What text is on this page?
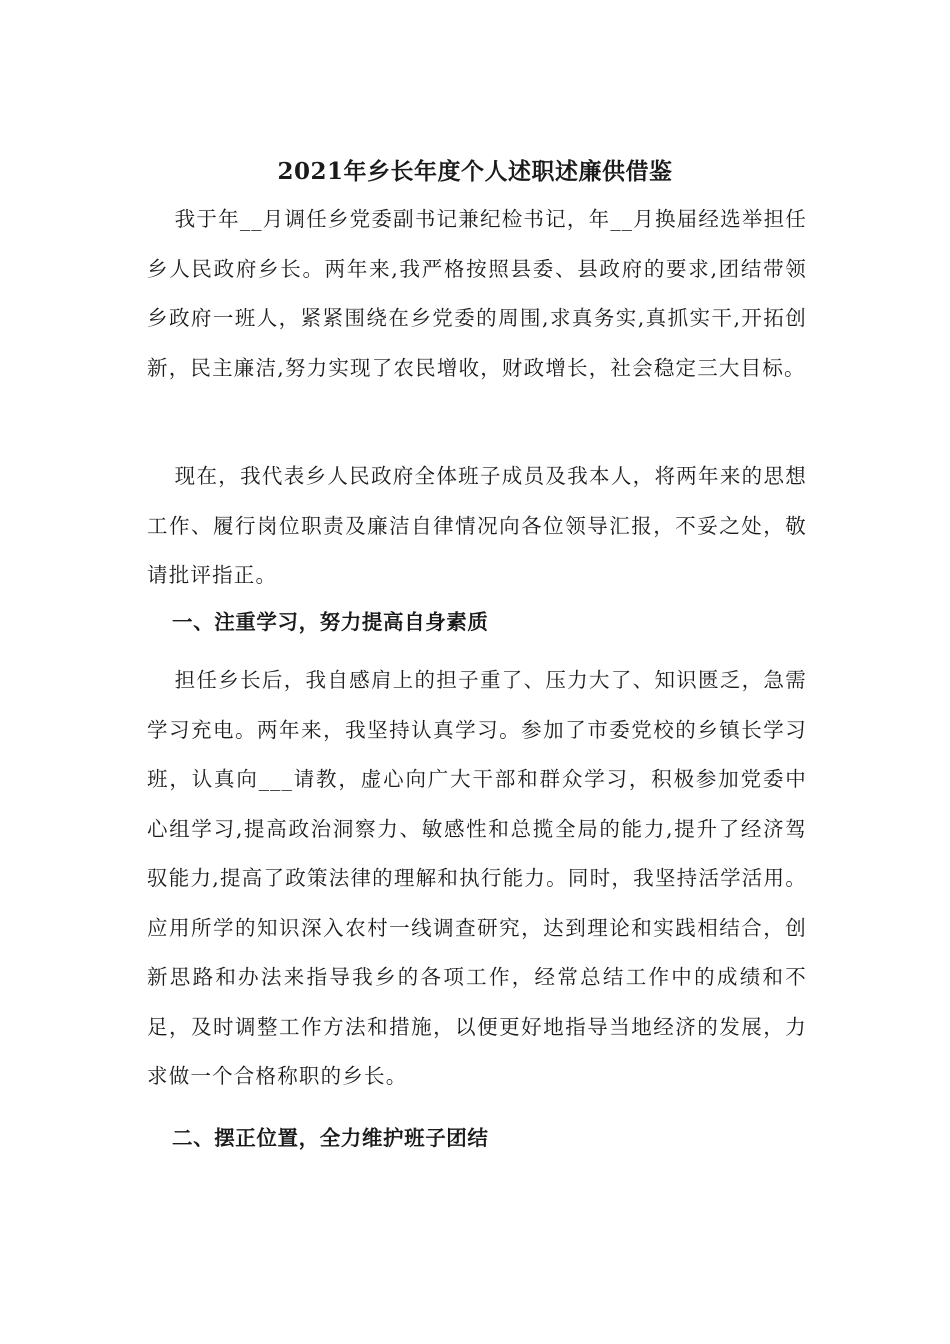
2021年乡长年度个人述职述廉供借鉴

我于年__月调任乡党委副书记兼纪检书记，年__月换届经选举担任乡人民政府乡长。两年来,我严格按照县委、县政府的要求,团结带领乡政府一班人，紧紧围绕在乡党委的周围,求真务实,真抓实干,开拓创新，民主廉洁,努力实现了农民增收，财政增长，社会稳定三大目标。

现在，我代表乡人民政府全体班子成员及我本人，将两年来的思想工作、履行岗位职责及廉洁自律情况向各位领导汇报，不妥之处，敬请批评指正。

一、注重学习，努力提高自身素质

担任乡长后，我自感肩上的担子重了、压力大了、知识匮乏，急需学习充电。两年来，我坚持认真学习。参加了市委党校的乡镇长学习班，认真向___请教，虚心向广大干部和群众学习，积极参加党委中心组学习,提高政治洞察力、敏感性和总揽全局的能力,提升了经济驾驭能力,提高了政策法律的理解和执行能力。同时，我坚持活学活用。应用所学的知识深入农村一线调查研究，达到理论和实践相结合，创新思路和办法来指导我乡的各项工作，经常总结工作中的成绩和不足，及时调整工作方法和措施，以便更好地指导当地经济的发展，力求做一个合格称职的乡长。

二、摆正位置，全力维护班子团结
